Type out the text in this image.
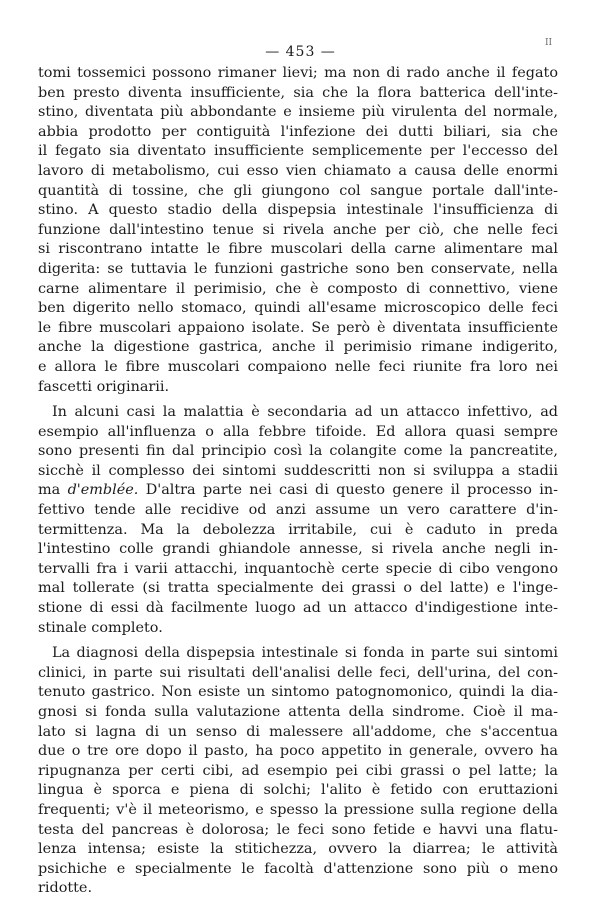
— 453 —
II
tomi tossemici possono rimaner lievi; ma non di rado anche il fegato
ben presto diventa insufficiente, sia che la flora batterica dell'inte-
stino, diventata più abbondante e insieme più virulenta del normale,
abbia prodotto per contiguità l'infezione dei dutti biliari, sia che
il fegato sia diventato insufficiente semplicemente per l'eccesso del
lavoro di metabolismo, cui esso vien chiamato a causa delle enormi
quantità di tossine, che gli giungono col sangue portale dall'inte-
stino. A questo stadio della dispepsia intestinale l'insufficienza di
funzione dall'intestino tenue si rivela anche per ciò, che nelle feci
si riscontrano intatte le fibre muscolari della carne alimentare mal
digerita: se tuttavia le funzioni gastriche sono ben conservate, nella
carne alimentare il perimisio, che è composto di connettivo, viene
ben digerito nello stomaco, quindi all'esame microscopico delle feci
le fibre muscolari appaiono isolate. Se però è diventata insufficiente
anche la digestione gastrica, anche il perimisio rimane indigerito,
e allora le fibre muscolari compaiono nelle feci riunite fra loro nei
fascetti originarii.
In alcuni casi la malattia è secondaria ad un attacco infettivo, ad
esempio all'influenza o alla febbre tifoide. Ed allora quasi sempre
sono presenti fin dal principio così la colangite come la pancreatite,
sicchè il complesso dei sintomi suddescritti non si sviluppa a stadii
ma d'emblée. D'altra parte nei casi di questo genere il processo in-
fettivo tende alle recidive od anzi assume un vero carattere d'in-
termittenza. Ma la debolezza irritabile, cui è caduto in preda
l'intestino colle grandi ghiandole annesse, si rivela anche negli in-
tervalli fra i varii attacchi, inquantochè certe specie di cibo vengono
mal tollerate (si tratta specialmente dei grassi o del latte) e l'inge-
stione di essi dà facilmente luogo ad un attacco d'indigestione inte-
stinale completo.
La diagnosi della dispepsia intestinale si fonda in parte sui sintomi
clinici, in parte sui risultati dell'analisi delle feci, dell'urina, del con-
tenuto gastrico. Non esiste un sintomo patognomonico, quindi la dia-
gnosi si fonda sulla valutazione attenta della sindrome. Cioè il ma-
lato si lagna di un senso di malessere all'addome, che s'accentua
due o tre ore dopo il pasto, ha poco appetito in generale, ovvero ha
ripugnanza per certi cibi, ad esempio pei cibi grassi o pel latte; la
lingua è sporca e piena di solchi; l'alito è fetido con eruttazioni
frequenti; v'è il meteorismo, e spesso la pressione sulla regione della
testa del pancreas è dolorosa; le feci sono fetide e havvi una flatu-
lenza intensa; esiste la stitichezza, ovvero la diarrea; le attività
psichiche e specialmente le facoltà d'attenzione sono più o meno
ridotte.
